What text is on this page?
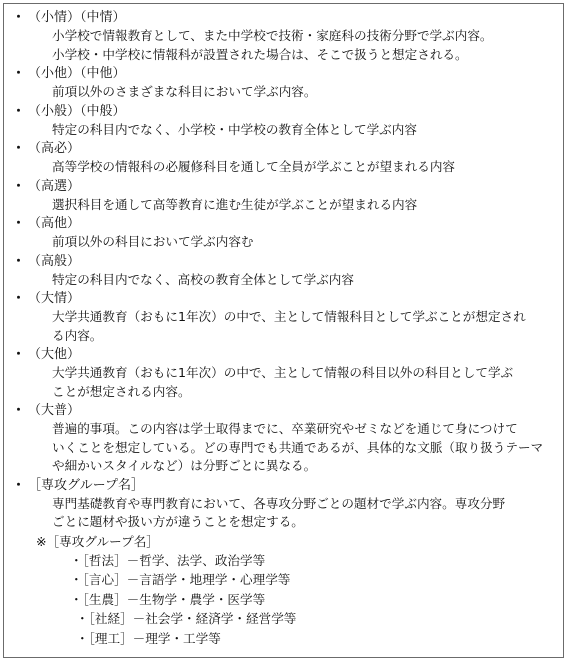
・ （小情）（中情）

小学校で情報教育として、また中学校で技術・家庭科の技術分野で学ぶ内容。

小学校・中学校に情報科が設置された場合は、そこで扱うと想定される。

・ （小他）（中他）

前項以外のさまざまな科目において学ぶ内容。

・ （小般）（中般）

特定の科目内でなく、小学校・中学校の教育全体として学ぶ内容

・ （高必）

高等学校の情報科の必履修科目を通して全員が学ぶことが望まれる内容

・ （高選）

選択科目を通して高等教育に進む生徒が学ぶことが望まれる内容

・ （高他）

前項以外の科目において学ぶ内容む

・ （高般）

特定の科目内でなく、高校の教育全体として学ぶ内容

・ （大情）

大学共通教育（おもに1年次）の中で、主として情報科目として学ぶことが想定され

る内容。

・ （大他）

大学共通教育（おもに1年次）の中で、主として情報の科目以外の科目として学ぶ

ことが想定される内容。

・ （大普）

普遍的事項。この内容は学士取得までに、卒業研究やゼミなどを通じて身につけて

いくことを想定している。どの専門でも共通であるが、具体的な文脈（取り扱うテーマ

や細かいスタイルなど）は分野ごとに異なる。

・ ［専攻グループ名］

専門基礎教育や専門教育において、各専攻分野ごとの題材で学ぶ内容。専攻分野

ごとに題材や扱い方が違うことを想定する。

※［専攻グループ名］

・［哲法］－哲学、法学、政治学等
・［言心］－言語学・地理学・心理学等
・［生農］－生物学・農学・医学等
・［社経］－社会学・経済学・経営学等
・［理工］－理学・工学等
